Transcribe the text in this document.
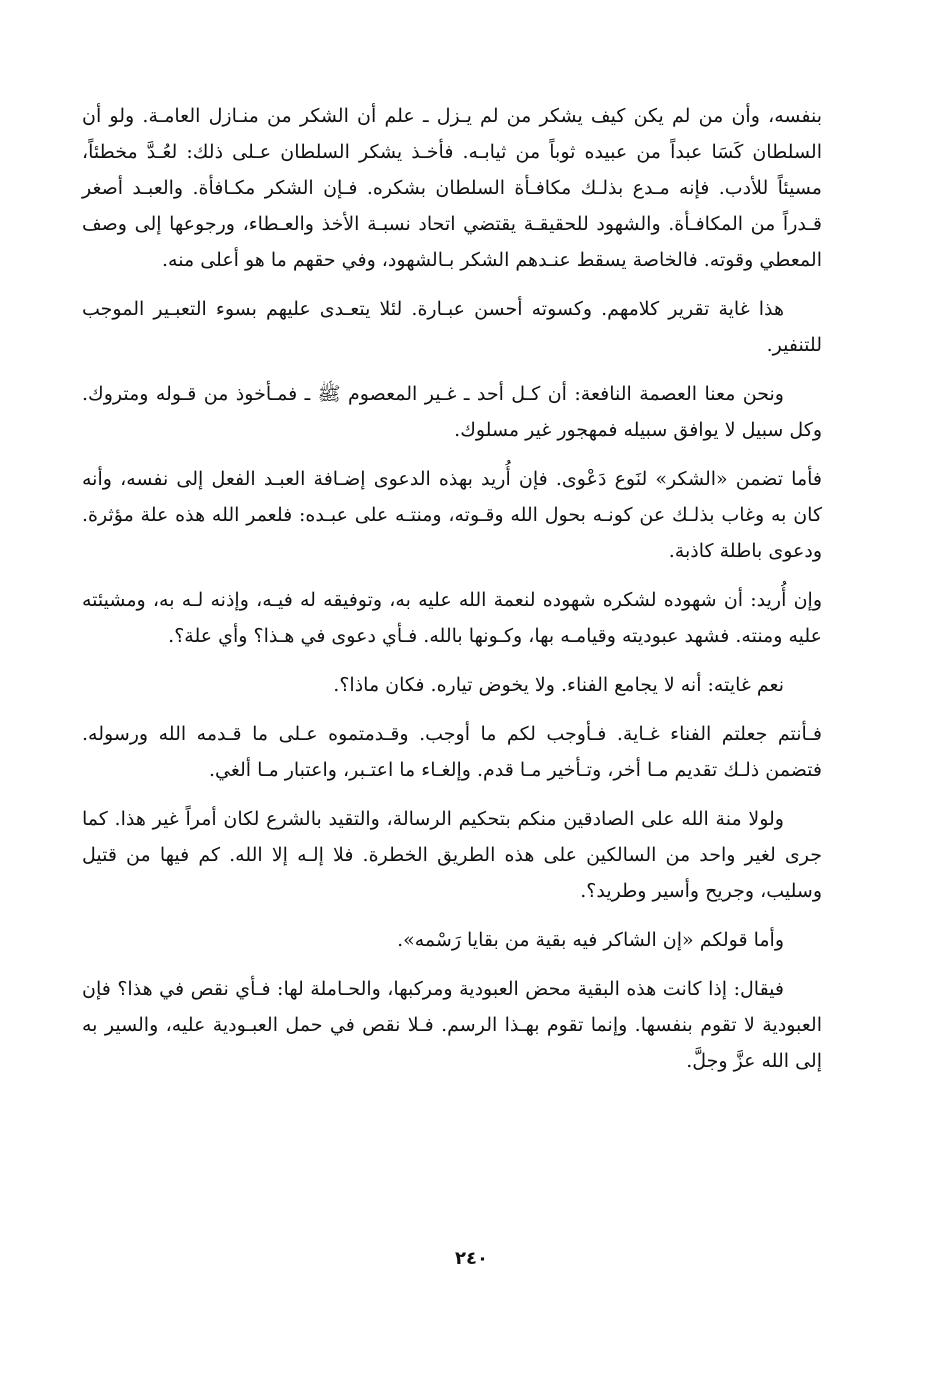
بنفسه، وأن من لم يكن كيف يشكر من لم يـزل ـ علم أن الشكر من منـازل العامـة. ولو أن السلطان كَسَا عبداً من عبيده ثوباً من ثيابـه. فأخـذ يشكر السلطان عـلى ذلك: لعُـدَّ مخطئاً، مسيئاً للأدب. فإنه مـدع بذلـك مكافـأة السلطان بشكره. فـإن الشكر مكـافأة. والعبـد أصغر قـدراً من المكافـأة. والشهود للحقيقـة يقتضي اتحاد نسبـة الأخذ والعـطاء، ورجوعها إلى وصف المعطي وقوته. فالخاصة يسقط عنـدهم الشكر بـالشهود، وفي حقهم ما هو أعلى منه.

هذا غاية تقرير كلامهم. وكسوته أحسن عبـارة. لئلا يتعـدى عليهم بسوء التعبـير الموجب للتنفير.

ونحن معنا العصمة النافعة: أن كـل أحد ـ غـير المعصوم ﷺ ـ فمـأخوذ من قـوله ومتروك. وكل سبيل لا يوافق سبيله فمهجور غير مسلوك.

فأما تضمن «الشكر» لنَوع دَعْوى. فإن أُريد بهذه الدعوى إضـافة العبـد الفعل إلى نفسه، وأنه كان به وغاب بذلـك عن كونـه بحول الله وقـوته، ومنتـه على عبـده: فلعمر الله هذه علة مؤثرة. ودعوى باطلة كاذبة.

وإن أُريد: أن شهوده لشكره شهوده لنعمة الله عليه به، وتوفيقه له فيـه، وإذنه لـه به، ومشيئته عليه ومنته. فشهد عبوديته وقيامـه بها، وكـونها بالله. فـأي دعوى في هـذا؟ وأي علة؟.

نعم غايته: أنه لا يجامع الفناء. ولا يخوض تياره. فكان ماذا؟.

فـأنتم جعلتم الفناء غـاية. فـأوجب لكم ما أوجب. وقـدمتموه عـلى ما قـدمه الله ورسوله. فتضمن ذلـك تقديم مـا أخر، وتـأخير مـا قدم. وإلغـاء ما اعتـبر، واعتبار مـا ألغي.

ولولا منة الله على الصادقين منكم بتحكيم الرسالة، والتقيد بالشرع لكان أمراً غير هذا. كما جرى لغير واحد من السالكين على هذه الطريق الخطرة. فلا إلـه إلا الله. كم فيها من قتيل وسليب، وجريح وأسير وطريد؟.

وأما قولكم «إن الشاكر فيه بقية من بقايا رَسْمه».

فيقال: إذا كانت هذه البقية محض العبودية ومركبها، والحـاملة لها: فـأي نقص في هذا؟ فإن العبودية لا تقوم بنفسها. وإنما تقوم بهـذا الرسم. فـلا نقص في حمل العبـودية عليه، والسير به إلى الله عزَّ وجلَّ.

٢٤٠
